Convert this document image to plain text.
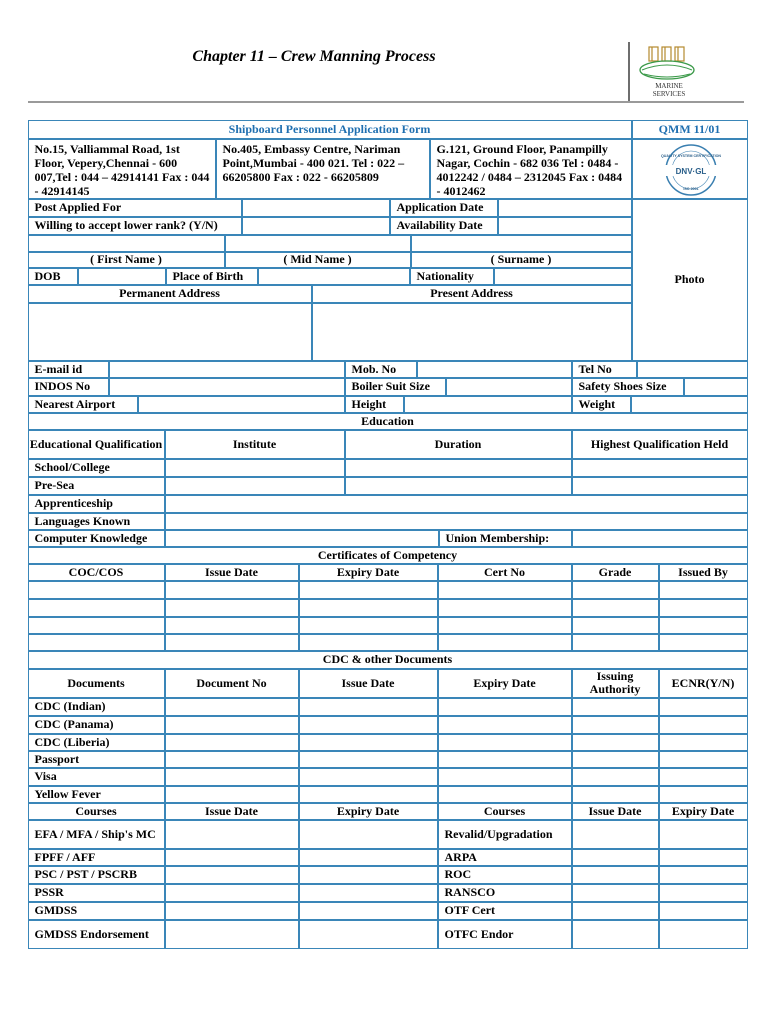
Chapter 11 – Crew Manning Process
MARINE
SERVICES
Shipboard Personnel Application Form	QMM 11/01
No.15, Valliammal Road, 1st Floor, Vepery,Chennai - 600 007,Tel : 044 – 42914141 Fax : 044 - 42914145
No.405, Embassy Centre, Nariman Point,Mumbai - 400 021. Tel : 022 – 66205800 Fax : 022 - 66205809
G.121, Ground Floor, Panampilly Nagar, Cochin - 682 036 Tel : 0484 - 4012242 / 0484 – 2312045 Fax : 0484 - 4012462
DNV·GL
QUALITY SYSTEM CERTIFICATION
ISO 9001
Post Applied For	Application Date
Photo
Willing to accept lower rank? (Y/N)	Availability Date
( First Name )	( Mid Name )	( Surname )
DOB	Place of Birth	Nationality
Permanent Address	Present Address
E-mail id	Mob. No	Tel No
INDOS No	Boiler Suit Size	Safety Shoes Size
Nearest Airport	Height	Weight
Education
Educational Qualification	Institute	Duration	Highest Qualification Held
School/College
Pre-Sea
Apprenticeship
Languages Known
Computer Knowledge	Union Membership:
Certificates of Competency
COC/COS	Issue Date	Expiry Date	Cert No	Grade	Issued By
CDC & other Documents
Documents	Document No	Issue Date	Expiry Date	Issuing Authority	ECNR(Y/N)
CDC (Indian)
CDC (Panama)
CDC (Liberia)
Passport
Visa
Yellow Fever
Courses	Issue Date	Expiry Date	Courses	Issue Date	Expiry Date
EFA / MFA / Ship's MC	Revalid/Upgradation
FPFF / AFF	ARPA
PSC / PST / PSCRB	ROC
PSSR	RANSCO
GMDSS	OTF Cert
GMDSS Endorsement	OTFC Endor
